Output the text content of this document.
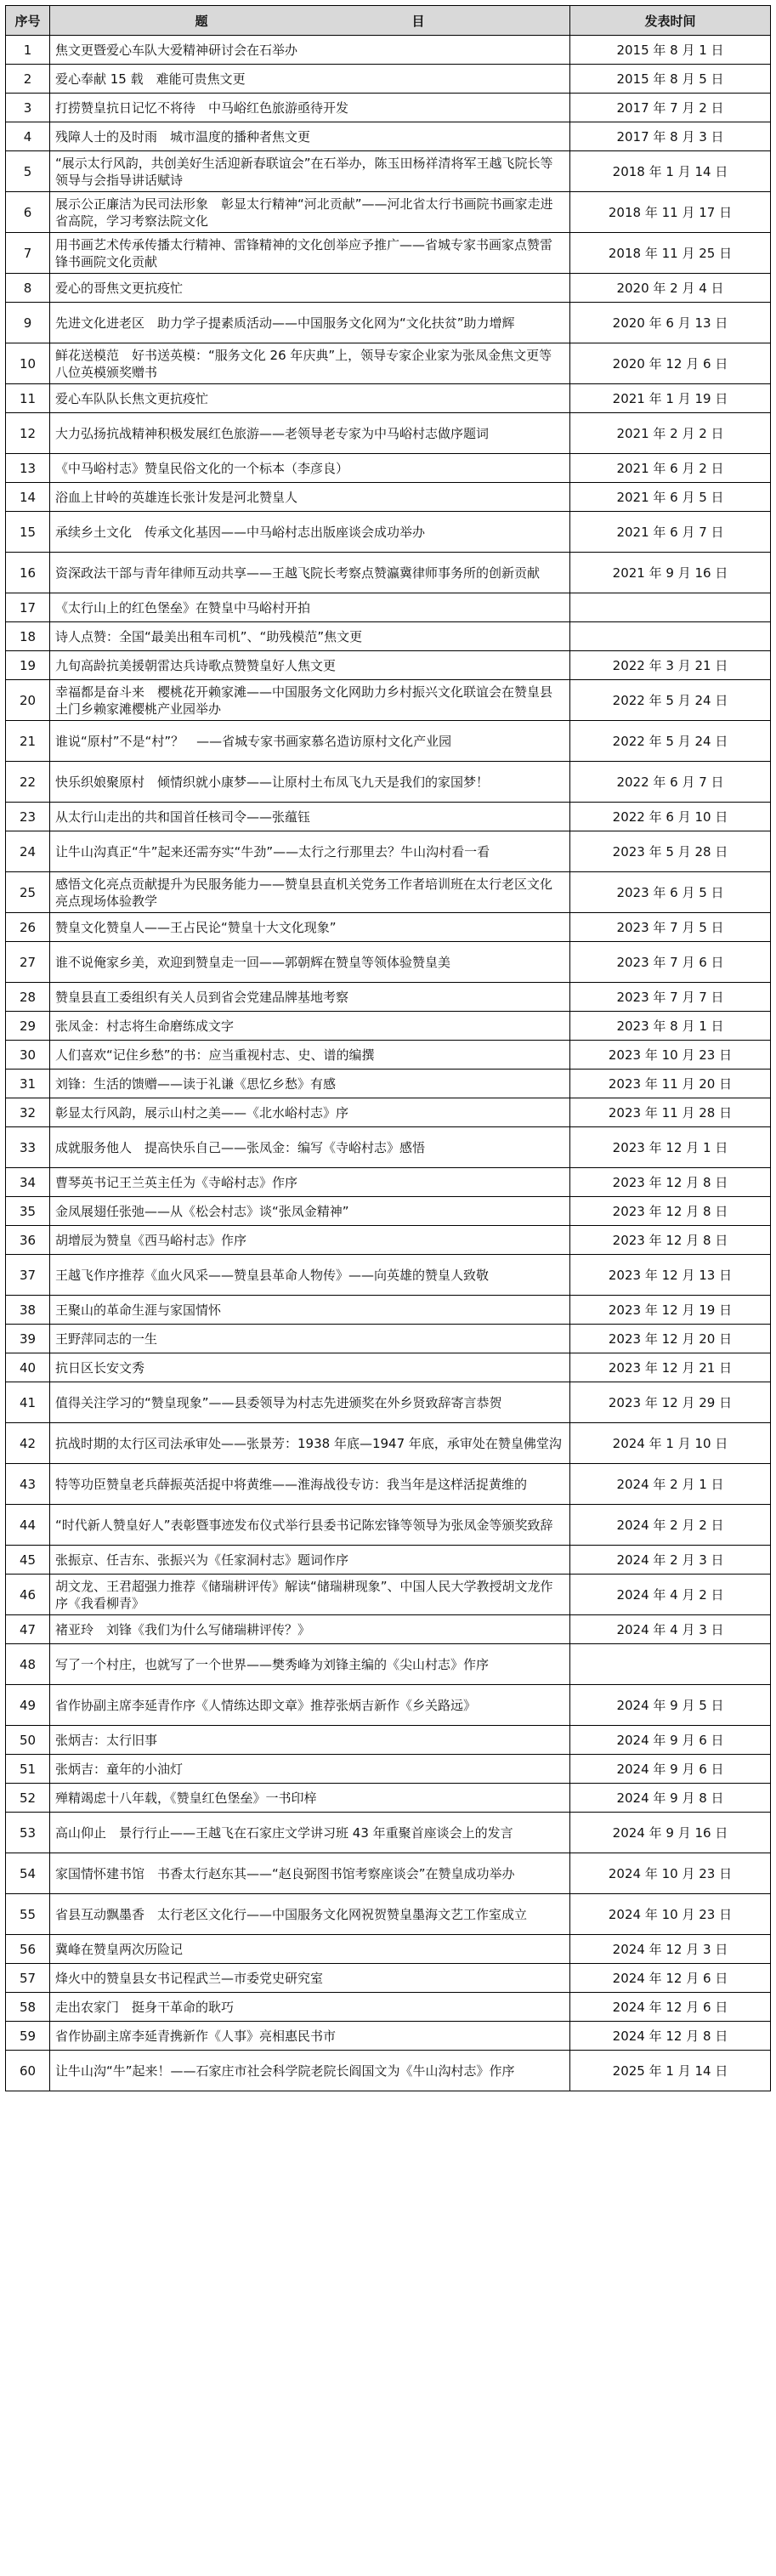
序号	题　　　　　　　　　　　　　　　　目	发表时间
1	焦文更暨爱心车队大爱精神研讨会在石举办	2015 年 8 月 1 日
2	爱心奉献 15 载　难能可贵焦文更	2015 年 8 月 5 日
3	打捞赞皇抗日记忆不将待　中马峪红色旅游亟待开发	2017 年 7 月 2 日
4	残障人士的及时雨　城市温度的播种者焦文更	2017 年 8 月 3 日
5	“展示太行风韵，共创美好生活迎新春联谊会”在石举办，陈玉田杨祥清将军王越飞院长等领导与会指导讲话赋诗	2018 年 1 月 14 日
6	展示公正廉洁为民司法形象　彰显太行精神“河北贡献”——河北省太行书画院书画家走进省高院，学习考察法院文化	2018 年 11 月 17 日
7	用书画艺术传承传播太行精神、雷锋精神的文化创举应予推广——省城专家书画家点赞雷锋书画院文化贡献	2018 年 11 月 25 日
8	爱心的哥焦文更抗疫忙	2020 年 2 月 4 日
9	先进文化进老区　助力学子提素质活动——中国服务文化网为“文化扶贫”助力增辉	2020 年 6 月 13 日
10	鲜花送模范　好书送英模：“服务文化 26 年庆典”上，领导专家企业家为张凤金焦文更等八位英模颁奖赠书	2020 年 12 月 6 日
11	爱心车队队长焦文更抗疫忙	2021 年 1 月 19 日
12	大力弘扬抗战精神积极发展红色旅游——老领导老专家为中马峪村志做序题词	2021 年 2 月 2 日
13	《中马峪村志》赞皇民俗文化的一个标本（李彦良）	2021 年 6 月 2 日
14	浴血上甘岭的英雄连长张计发是河北赞皇人	2021 年 6 月 5 日
15	承续乡土文化　传承文化基因——中马峪村志出版座谈会成功举办	2021 年 6 月 7 日
16	资深政法干部与青年律师互动共享——王越飞院长考察点赞瀛冀律师事务所的创新贡献	2021 年 9 月 16 日
17	《太行山上的红色堡垒》在赞皇中马峪村开拍	
18	诗人点赞：全国“最美出租车司机”、“助残模范”焦文更	
19	九旬高龄抗美援朝雷达兵诗歌点赞赞皇好人焦文更	2022 年 3 月 21 日
20	幸福都是奋斗来　樱桃花开赖家滩——中国服务文化网助力乡村振兴文化联谊会在赞皇县土门乡赖家滩樱桃产业园举办	2022 年 5 月 24 日
21	谁说“原村”不是“村”？　——省城专家书画家慕名造访原村文化产业园	2022 年 5 月 24 日
22	快乐织娘聚原村　倾情织就小康梦——让原村土布凤飞九天是我们的家国梦！	2022 年 6 月 7 日
23	从太行山走出的共和国首任核司令——张蕴钰	2022 年 6 月 10 日
24	让牛山沟真正“牛”起来还需夯实“牛劲”——太行之行那里去？牛山沟村看一看	2023 年 5 月 28 日
25	感悟文化亮点贡献提升为民服务能力——赞皇县直机关党务工作者培训班在太行老区文化亮点现场体验教学	2023 年 6 月 5 日
26	赞皇文化赞皇人——王占民论“赞皇十大文化现象”	2023 年 7 月 5 日
27	谁不说俺家乡美，欢迎到赞皇走一回——郭朝辉在赞皇等领体验赞皇美	2023 年 7 月 6 日
28	赞皇县直工委组织有关人员到省会党建品牌基地考察	2023 年 7 月 7 日
29	张凤金：村志将生命磨练成文字	2023 年 8 月 1 日
30	人们喜欢“记住乡愁”的书：应当重视村志、史、谱的编撰	2023 年 10 月 23 日
31	刘锋：生活的馈赠——读于礼谦《思忆乡愁》有感	2023 年 11 月 20 日
32	彰显太行风韵，展示山村之美——《北水峪村志》序	2023 年 11 月 28 日
33	成就服务他人　提高快乐自己——张凤金：编写《寺峪村志》感悟	2023 年 12 月 1 日
34	曹琴英书记王兰英主任为《寺峪村志》作序	2023 年 12 月 8 日
35	金凤展翅任张弛——从《松会村志》谈“张凤金精神”	2023 年 12 月 8 日
36	胡增辰为赞皇《西马峪村志》作序	2023 年 12 月 8 日
37	王越飞作序推荐《血火风采——赞皇县革命人物传》——向英雄的赞皇人致敬	2023 年 12 月 13 日
38	王聚山的革命生涯与家国情怀	2023 年 12 月 19 日
39	王野萍同志的一生	2023 年 12 月 20 日
40	抗日区长安文秀	2023 年 12 月 21 日
41	值得关注学习的“赞皇现象”——县委领导为村志先进颁奖在外乡贤致辞寄言恭贺	2023 年 12 月 29 日
42	抗战时期的太行区司法承审处——张景芳：1938 年底—1947 年底，承审处在赞皇佛堂沟	2024 年 1 月 10 日
43	特等功臣赞皇老兵薛振英活捉中将黄维——淮海战役专访：我当年是这样活捉黄维的	2024 年 2 月 1 日
44	“时代新人赞皇好人”表彰暨事迹发布仪式举行县委书记陈宏锋等领导为张凤金等颁奖致辞	2024 年 2 月 2 日
45	张振京、任吉东、张振兴为《任家洞村志》题词作序	2024 年 2 月 3 日
46	胡文龙、王君超强力推荐《储瑞耕评传》解读“储瑞耕现象”、中国人民大学教授胡文龙作序《我看柳青》	2024 年 4 月 2 日
47	褚亚玲　刘锋《我们为什么写储瑞耕评传？》	2024 年 4 月 3 日
48	写了一个村庄，也就写了一个世界——樊秀峰为刘锋主编的《尖山村志》作序	
49	省作协副主席李延青作序《人情练达即文章》推荐张炳吉新作《乡关路远》	2024 年 9 月 5 日
50	张炳吉：太行旧事	2024 年 9 月 6 日
51	张炳吉：童年的小油灯	2024 年 9 月 6 日
52	殚精竭虑十八年载，《赞皇红色堡垒》一书印梓	2024 年 9 月 8 日
53	高山仰止　景行行止——王越飞在石家庄文学讲习班 43 年重聚首座谈会上的发言	2024 年 9 月 16 日
54	家国情怀建书馆　书香太行赵东其——“赵良弼图书馆考察座谈会”在赞皇成功举办	2024 年 10 月 23 日
55	省县互动飘墨香　太行老区文化行——中国服务文化网祝贺赞皇墨海文艺工作室成立	2024 年 10 月 23 日
56	冀峰在赞皇两次历险记	2024 年 12 月 3 日
57	烽火中的赞皇县女书记程武兰—市委党史研究室	2024 年 12 月 6 日
58	走出农家门　挺身干革命的耿巧	2024 年 12 月 6 日
59	省作协副主席李延青携新作《人事》亮相惠民书市	2024 年 12 月 8 日
60	让牛山沟“牛”起来！——石家庄市社会科学院老院长阎国文为《牛山沟村志》作序	2025 年 1 月 14 日
